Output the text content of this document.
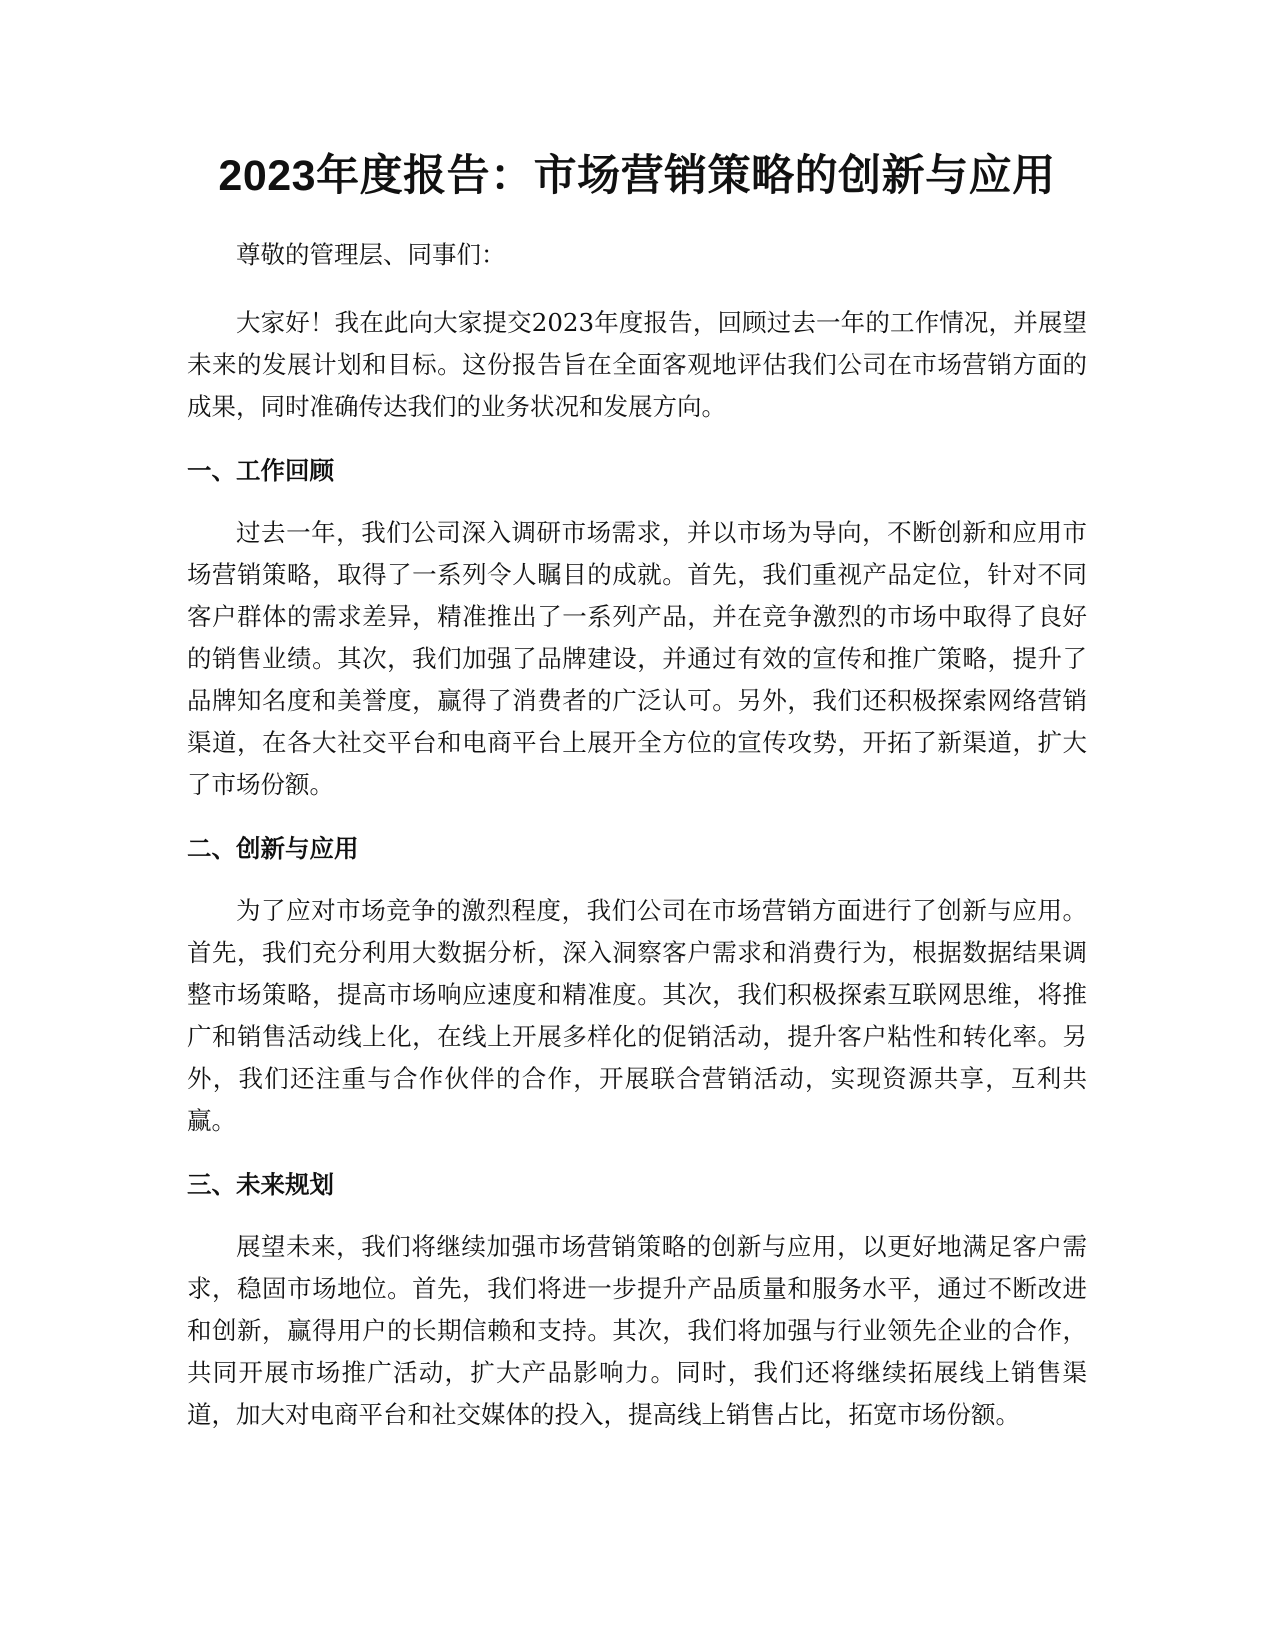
2023年度报告：市场营销策略的创新与应用

尊敬的管理层、同事们：

大家好！我在此向大家提交2023年度报告，回顾过去一年的工作情况，并展望未来的发展计划和目标。这份报告旨在全面客观地评估我们公司在市场营销方面的成果，同时准确传达我们的业务状况和发展方向。

一、工作回顾

过去一年，我们公司深入调研市场需求，并以市场为导向，不断创新和应用市场营销策略，取得了一系列令人瞩目的成就。首先，我们重视产品定位，针对不同客户群体的需求差异，精准推出了一系列产品，并在竞争激烈的市场中取得了良好的销售业绩。其次，我们加强了品牌建设，并通过有效的宣传和推广策略，提升了品牌知名度和美誉度，赢得了消费者的广泛认可。另外，我们还积极探索网络营销渠道，在各大社交平台和电商平台上展开全方位的宣传攻势，开拓了新渠道，扩大了市场份额。

二、创新与应用

为了应对市场竞争的激烈程度，我们公司在市场营销方面进行了创新与应用。首先，我们充分利用大数据分析，深入洞察客户需求和消费行为，根据数据结果调整市场策略，提高市场响应速度和精准度。其次，我们积极探索互联网思维，将推广和销售活动线上化，在线上开展多样化的促销活动，提升客户粘性和转化率。另外，我们还注重与合作伙伴的合作，开展联合营销活动，实现资源共享，互利共赢。

三、未来规划

展望未来，我们将继续加强市场营销策略的创新与应用，以更好地满足客户需求，稳固市场地位。首先，我们将进一步提升产品质量和服务水平，通过不断改进和创新，赢得用户的长期信赖和支持。其次，我们将加强与行业领先企业的合作，共同开展市场推广活动，扩大产品影响力。同时，我们还将继续拓展线上销售渠道，加大对电商平台和社交媒体的投入，提高线上销售占比，拓宽市场份额。
